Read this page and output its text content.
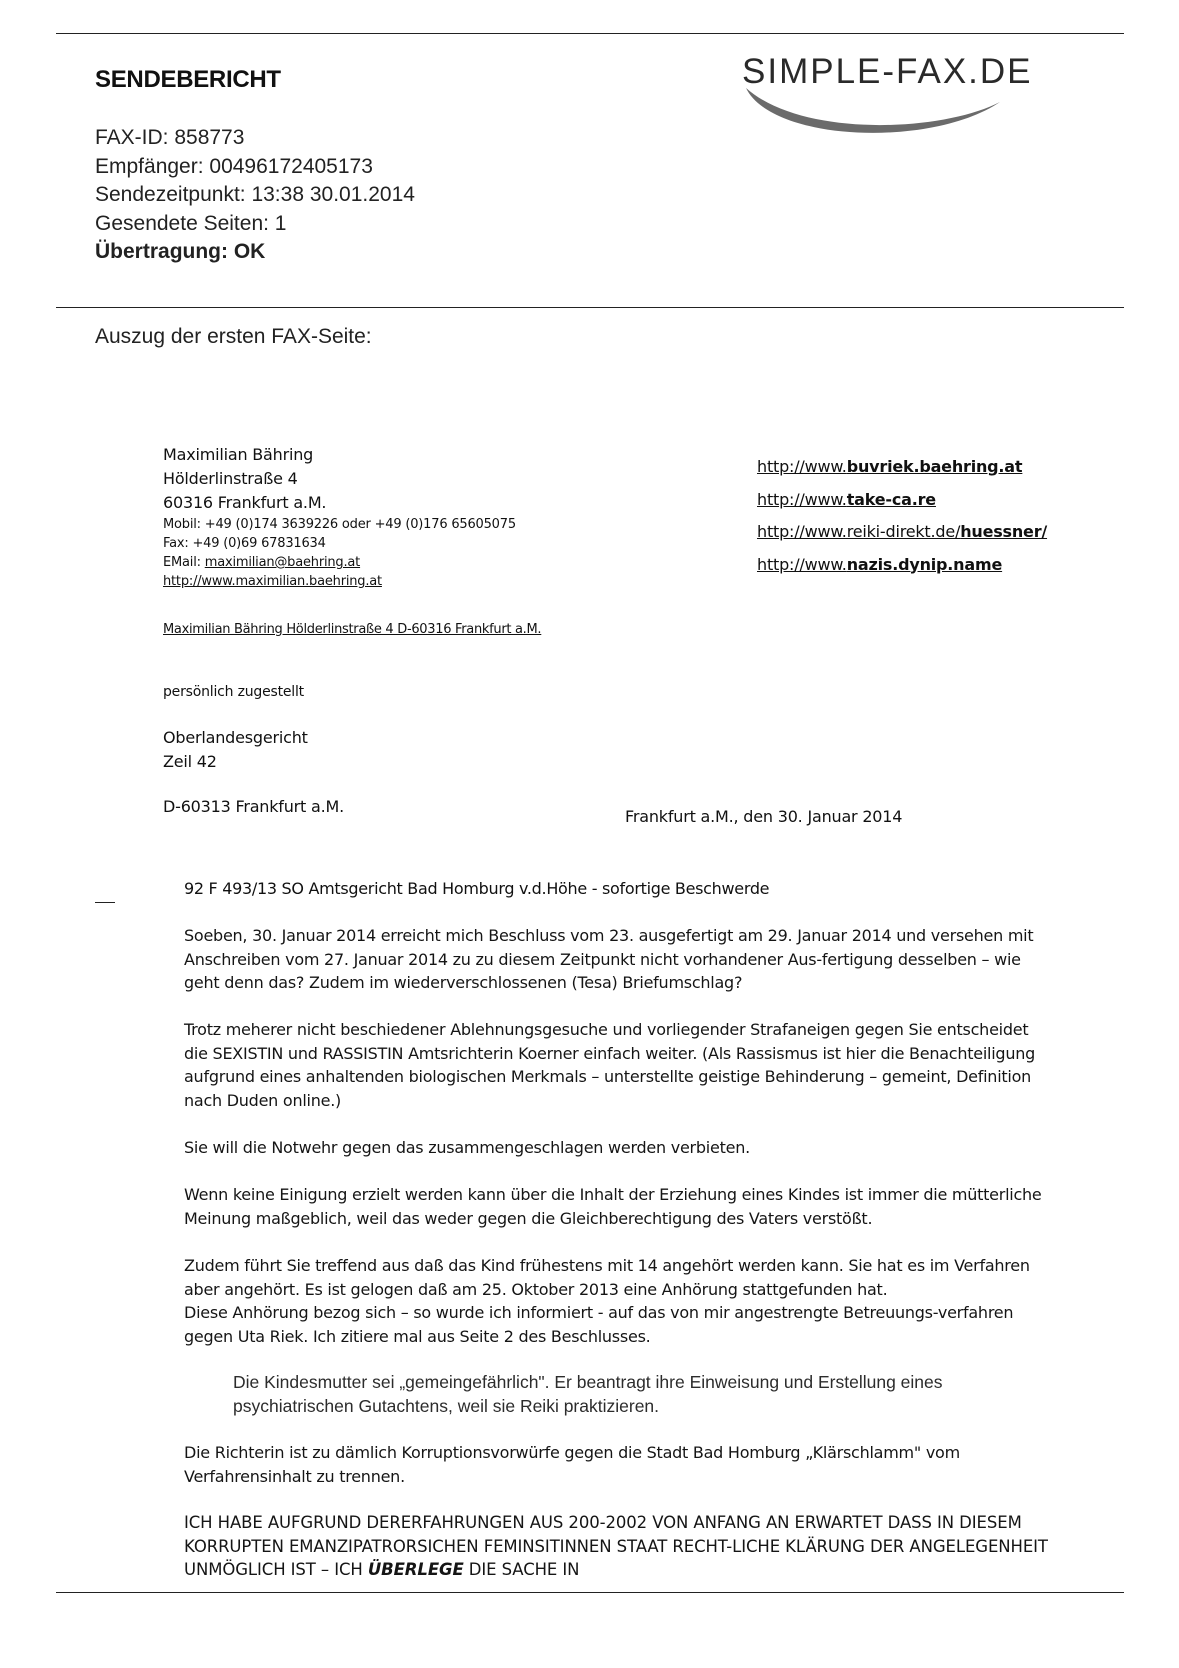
SENDEBERICHT	SIMPLE-FAX.DE
FAX-ID: 858773
Empfänger: 00496172405173
Sendezeitpunkt: 13:38 30.01.2014
Gesendete Seiten: 1
Übertragung: OK
Auszug der ersten FAX-Seite:
Maximilian Bähring
Hölderlinstraße 4
60316 Frankfurt a.M.
Mobil: +49 (0)174 3639226 oder +49 (0)176 65605075
Fax: +49 (0)69 67831634
EMail: maximilian@baehring.at
http://www.maximilian.baehring.at
http://www.buvriek.baehring.at
http://www.take-ca.re
http://www.reiki-direkt.de/huessner/
http://www.nazis.dynip.name
Maximilian Bähring Hölderlinstraße 4 D-60316 Frankfurt a.M.
persönlich zugestellt
Oberlandesgericht
Zeil 42
D-60313 Frankfurt a.M.
Frankfurt a.M., den 30. Januar 2014
92 F 493/13 SO Amtsgericht Bad Homburg v.d.Höhe - sofortige Beschwerde
Soeben, 30. Januar 2014 erreicht mich Beschluss vom 23. ausgefertigt am 29. Januar 2014 und versehen mit Anschreiben vom 27. Januar 2014 zu zu diesem Zeitpunkt nicht vorhandener Aus-fertigung desselben – wie geht denn das? Zudem im wiederverschlossenen (Tesa) Briefumschlag?
Trotz meherer nicht beschiedener Ablehnungsgesuche und vorliegender Strafaneigen gegen Sie entscheidet die SEXISTIN und RASSISTIN Amtsrichterin Koerner einfach weiter. (Als Rassismus ist hier die Benachteiligung aufgrund eines anhaltenden biologischen Merkmals – unterstellte geistige Behinderung – gemeint, Definition nach Duden online.)
Sie will die Notwehr gegen das zusammengeschlagen werden verbieten.
Wenn keine Einigung erzielt werden kann über die Inhalt der Erziehung eines Kindes ist immer die mütterliche Meinung maßgeblich, weil das weder gegen die Gleichberechtigung des Vaters verstößt.
Zudem führt Sie treffend aus daß das Kind frühestens mit 14 angehört werden kann. Sie hat es im Verfahren aber angehört. Es ist gelogen daß am 25. Oktober 2013 eine Anhörung stattgefunden hat.
Diese Anhörung bezog sich – so wurde ich informiert - auf das von mir angestrengte Betreuungs-verfahren gegen Uta Riek. Ich zitiere mal aus Seite 2 des Beschlusses.
Die Kindesmutter sei „gemeingefährlich". Er beantragt ihre Einweisung und Erstellung eines psychiatrischen Gutachtens, weil sie Reiki praktizieren.
Die Richterin ist zu dämlich Korruptionsvorwürfe gegen die Stadt Bad Homburg „Klärschlamm" vom Verfahrensinhalt zu trennen.
ICH HABE AUFGRUND DERERFAHRUNGEN AUS 200-2002 VON ANFANG AN ERWARTET DASS IN DIESEM KORRUPTEN EMANZIPATRORSICHEN FEMINSITINNEN STAAT RECHT-LICHE KLÄRUNG DER ANGELEGENHEIT UNMÖGLICH IST – ICH ÜBERLEGE DIE SACHE IN
